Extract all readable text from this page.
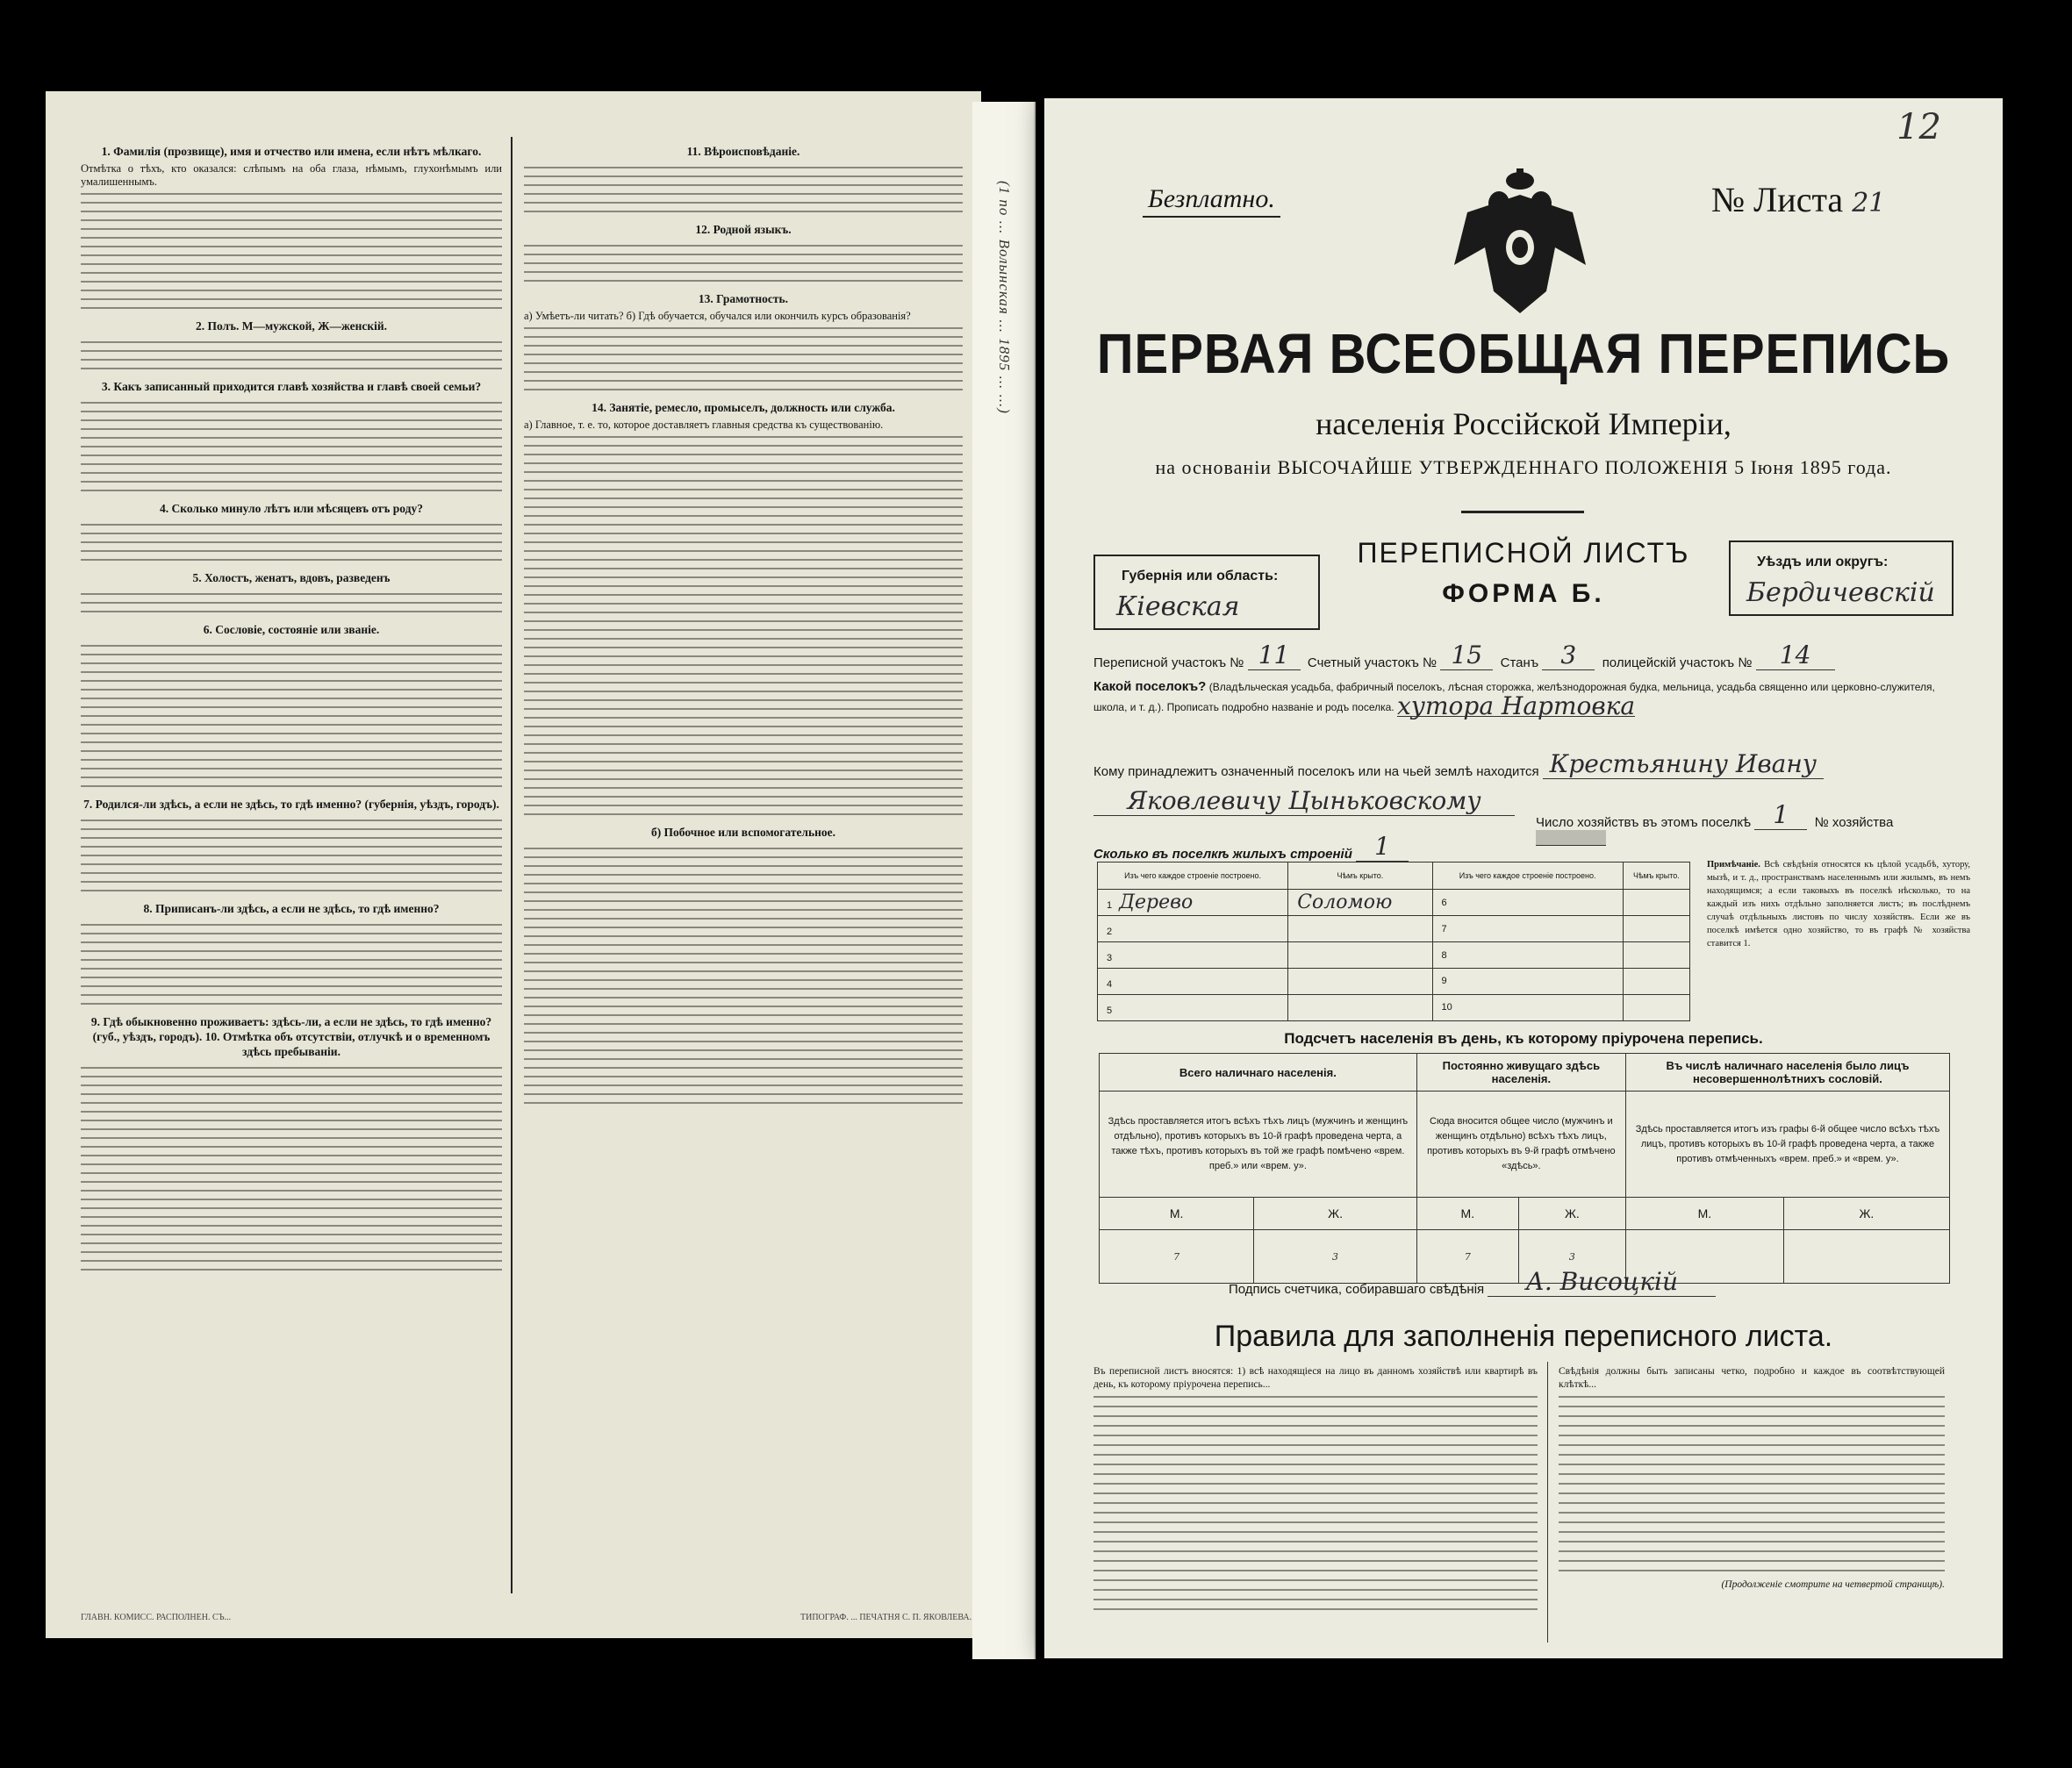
1. Фамилія (прозвище), имя и отчество или имена, если нѣтъ мѣлкаго.
Отмѣтка о тѣхъ, кто оказался: слѣпымъ на оба глаза, нѣмымъ, глухонѣмымъ или умалишеннымъ.
2. Полъ. М—мужской, Ж—женскій.
3. Какъ записанный приходится главѣ хозяйства и главѣ своей семьи?
4. Сколько минуло лѣтъ или мѣсяцевъ отъ роду?
5. Холостъ, женатъ, вдовъ, разведенъ
6. Сословіе, состояніе или званіе.
7. Родился-ли здѣсь, а если не здѣсь, то гдѣ именно? (губернія, уѣздъ, городъ).
8. Приписанъ-ли здѣсь, а если не здѣсь, то гдѣ именно?
9. Гдѣ обыкновенно проживаетъ: здѣсь-ли, а если не здѣсь, то гдѣ именно? (губ., уѣздъ, городъ). 10. Отмѣтка объ отсутствіи, отлучкѣ и о временномъ здѣсь пребываніи.
11. Вѣроисповѣданіе.
12. Родной языкъ.
13. Грамотность.
а) Умѣетъ-ли читать? б) Гдѣ обучается, обучался или окончилъ курсъ образованія?
14. Занятіе, ремесло, промыселъ, должность или служба.
а) Главное, т. е. то, которое доставляетъ главныя средства къ существованію.
б) Побочное или вспомогательное.
ГЛАВН. КОМИСС. РАСПОЛНЕН. СЪ...	ТИПОГРАФ. ... ПЕЧАТНЯ С. П. ЯКОВЛЕВА.
(1 по ... Волынская ... 1895 ... ...)
12
Безплатно.	№ Листа 21
ПЕРВАЯ ВСЕОБЩАЯ ПЕРЕПИСЬ
населенія Россійской Имперіи,
на основаніи ВЫСОЧАЙШЕ УТВЕРЖДЕННАГО ПОЛОЖЕНІЯ 5 Іюня 1895 года.
Губернія или область:
Кіевская
ПЕРЕПИСНОЙ ЛИСТЪ
ФОРМА Б.
Уѣздъ или округъ:
Бердичевскій
Переписной участокъ № 11 Счетный участокъ № 15 Станъ 3 полицейскій участокъ № 14
Какой поселокъ? (Владѣльческая усадьба, фабричный поселокъ, лѣсная сторожка, желѣзнодорожная будка, мельница, усадьба священно или церковно-служителя, школа, и т. д.). Прописать подробно названіе и родъ поселка. хутора Нартовка
Кому принадлежитъ означенный поселокъ или на чьей землѣ находится Крестьянину Ивану
Яковлевичу Цыньковскому
Число хозяйствъ въ этомъ поселкѣ 1 № хозяйства
Сколько въ поселкѣ жилыхъ строеній 1
Изъ чего каждое строеніе построено.	Чѣмъ крыто.	Изъ чего каждое строеніе построено.	Чѣмъ крыто.
1 Дерево	Соломою	6	
2		7	
3		8	
4		9	
5		10	
Примѣчаніе. Всѣ свѣдѣнія относятся къ цѣлой усадьбѣ, хутору, мызѣ, и т. д., пространствамъ населеннымъ или жилымъ, въ немъ находящимся; а если таковыхъ въ поселкѣ нѣсколько, то на каждый изъ нихъ отдѣльно заполняется листъ; въ послѣднемъ случаѣ отдѣльныхъ листовъ по числу хозяйствъ. Если же въ поселкѣ имѣется одно хозяйство, то въ графѣ № хозяйства ставится 1.
Подсчетъ населенія въ день, къ которому пріурочена перепись.
Всего наличнаго населенія.		Постоянно живущаго здѣсь населенія.		Въ числѣ наличнаго населенія было лицъ несовершеннолѣтнихъ сословій.	
Здѣсь проставляется итогъ всѣхъ тѣхъ лицъ (мужчинъ и женщинъ отдѣльно), противъ которыхъ въ 10-й графѣ проведена черта, а также тѣхъ, противъ которыхъ въ той же графѣ помѣчено «врем. преб.» или «врем. у».		Сюда вносится общее число (мужчинъ и женщинъ отдѣльно) всѣхъ тѣхъ лицъ, противъ которыхъ въ 9-й графѣ отмѣчено «здѣсь».		Здѣсь проставляется итогъ изъ графы 6-й общее число всѣхъ тѣхъ лицъ, противъ которыхъ въ 10-й графѣ проведена черта, а также противъ отмѣченныхъ «врем. преб.» и «врем. у».	
М.	Ж.	М.	Ж.	М.	Ж.
7	3	7	3		
Подпись счетчика, собиравшаго свѣдѣнія А. Висоцкій
Правила для заполненія переписного листа.
Въ переписной листъ вносятся: 1) всѣ находящіеся на лицо въ данномъ хозяйствѣ или квартирѣ въ день, къ которому пріурочена перепись...
Свѣдѣнія должны быть записаны четко, подробно и каждое въ соотвѣтствующей клѣткѣ...
(Продолженіе смотрите на четвертой страницѣ).
